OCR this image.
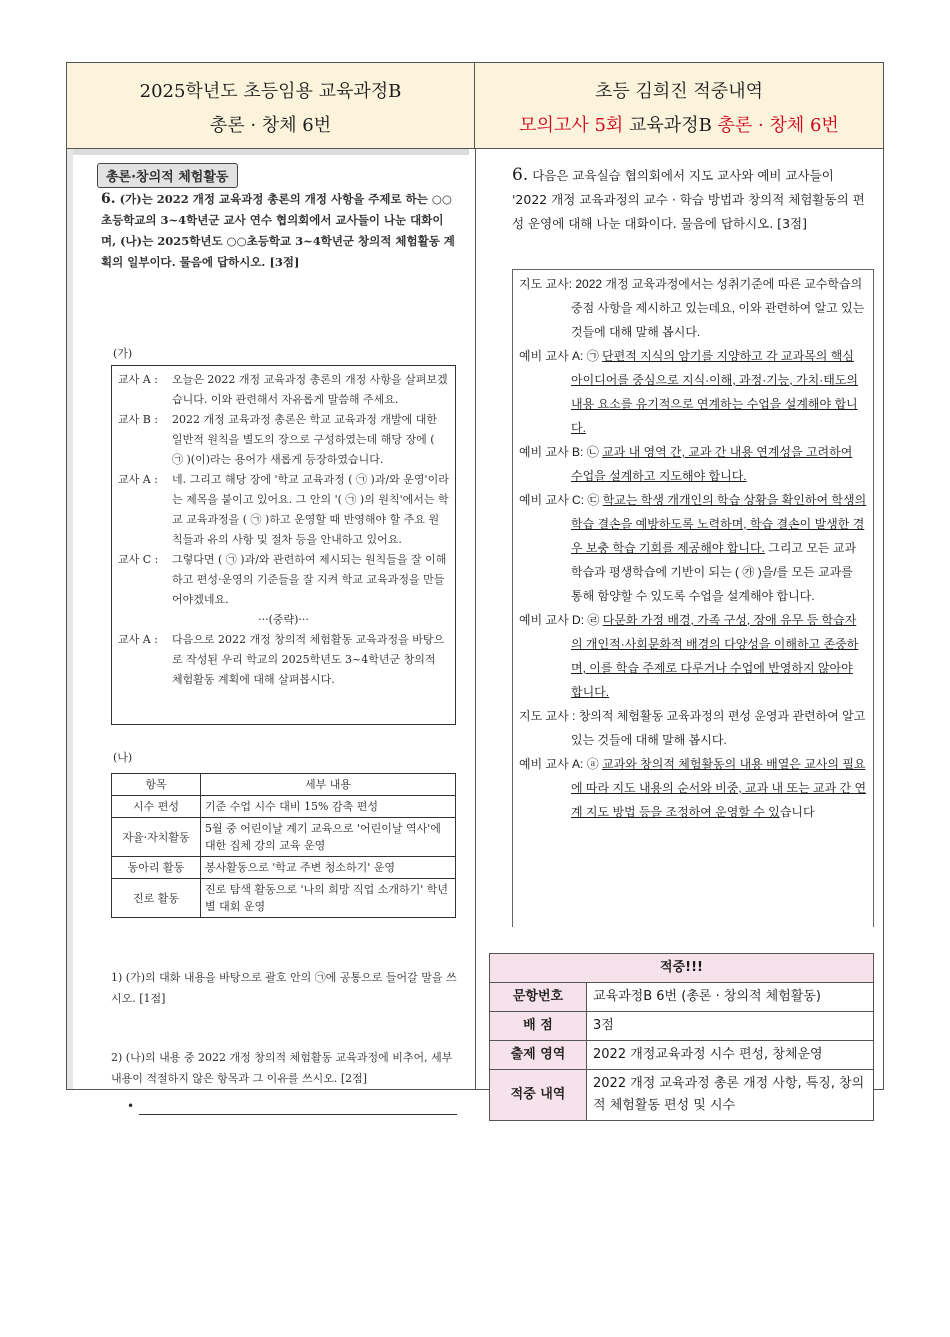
2025학년도 초등임용 교육과정B
총론 · 창체 6번
초등 김희진 적중내역
모의고사 5회 교육과정B 총론 · 창체 6번
총론·창의적 체험활동
6. (가)는 2022 개정 교육과정 총론의 개정 사항을 주제로 하는 ○○초등학교의 3~4학년군 교사 연수 협의회에서 교사들이 나눈 대화이며, (나)는 2025학년도 ○○초등학교 3~4학년군 창의적 체험활동 계획의 일부이다. 물음에 답하시오. [3점]
(가)
교사 A :	오늘은 2022 개정 교육과정 총론의 개정 사항을 살펴보겠습니다. 이와 관련해서 자유롭게 말씀해 주세요.
교사 B :	2022 개정 교육과정 총론은 학교 교육과정 개발에 대한 일반적 원칙을 별도의 장으로 구성하였는데 해당 장에 ( ㉠ )(이)라는 용어가 새롭게 등장하였습니다.
교사 A :	네. 그리고 해당 장에 '학교 교육과정 ( ㉠ )과/와 운영'이라는 제목을 붙이고 있어요. 그 안의 '( ㉠ )의 원칙'에서는 학교 교육과정을 ( ㉠ )하고 운영할 때 반영해야 할 주요 원칙들과 유의 사항 및 절차 등을 안내하고 있어요.
교사 C :	그렇다면 ( ㉠ )과/와 관련하여 제시되는 원칙들을 잘 이해하고 편성·운영의 기준들을 잘 지켜 학교 교육과정을 만들어야겠네요.
···(중략)···
교사 A :	다음으로 2022 개정 창의적 체험활동 교육과정을 바탕으로 작성된 우리 학교의 2025학년도 3~4학년군 창의적 체험활동 계획에 대해 살펴봅시다.
(나)
항목	세부 내용
시수 편성	기준 수업 시수 대비 15% 감축 편성
자율·자치활동	5월 중 어린이날 계기 교육으로 '어린이날 역사'에 대한 집체 강의 교육 운영
동아리 활동	봉사활동으로 '학교 주변 청소하기' 운영
진로 활동	진로 탐색 활동으로 '나의 희망 직업 소개하기' 학년별 대회 운영
1) (가)의 대화 내용을 바탕으로 괄호 안의 ㉠에 공통으로 들어갈 말을 쓰시오. [1점]
2) (나)의 내용 중 2022 개정 창의적 체험활동 교육과정에 비추어, 세부 내용이 적절하지 않은 항목과 그 이유를 쓰시오. [2점]
•
6. 다음은 교육실습 협의회에서 지도 교사와 예비 교사들이 '2022 개정 교육과정의 교수 · 학습 방법과 창의적 체험활동의 편성 운영에 대해 나눈 대화이다. 물음에 답하시오. [3점]
지도 교사: 2022 개정 교육과정에서는 성취기준에 따른 교수학습의 중점 사항을 제시하고 있는데요, 이와 관련하여 알고 있는 것들에 대해 말해 봅시다.
예비 교사 A: ㉠ 단편적 지식의 암기를 지양하고 각 교과목의 핵심 아이디어를 중심으로 지식·이해, 과정·기능, 가치·태도의 내용 요소를 유기적으로 연계하는 수업을 설계해야 합니다.
예비 교사 B: ㉡ 교과 내 영역 간, 교과 간 내용 연계성을 고려하여 수업을 설계하고 지도해야 합니다.
예비 교사 C: ㉢ 학교는 학생 개개인의 학습 상황을 확인하여 학생의 학습 결손을 예방하도록 노력하며, 학습 결손이 발생한 경우 보충 학습 기회를 제공해야 합니다. 그리고 모든 교과 학습과 평생학습에 기반이 되는 ( ㉮ )을/를 모든 교과를 통해 함양할 수 있도록 수업을 설계해야 합니다.
예비 교사 D: ㉣ 다문화 가정 배경, 가족 구성, 장애 유무 등 학습자의 개인적·사회문화적 배경의 다양성을 이해하고 존중하며, 이를 학습 주제로 다루거나 수업에 반영하지 않아야 합니다.
지도 교사 : 창의적 체험활동 교육과정의 편성 운영과 관련하여 알고 있는 것들에 대해 말해 봅시다.
예비 교사 A: ⓐ 교과와 창의적 체험활동의 내용 배열은 교사의 필요에 따라 지도 내용의 순서와 비중, 교과 내 또는 교과 간 연계 지도 방법 등을 조정하여 운영할 수 있습니다
적중!!!	
문항번호	교육과정B 6번 (총론 · 창의적 체험활동)
배 점	3점
출제 영역	2022 개정교육과정 시수 편성, 창체운영
적중 내역	2022 개정 교육과정 총론 개정 사항, 특징, 창의적 체험활동 편성 및 시수
